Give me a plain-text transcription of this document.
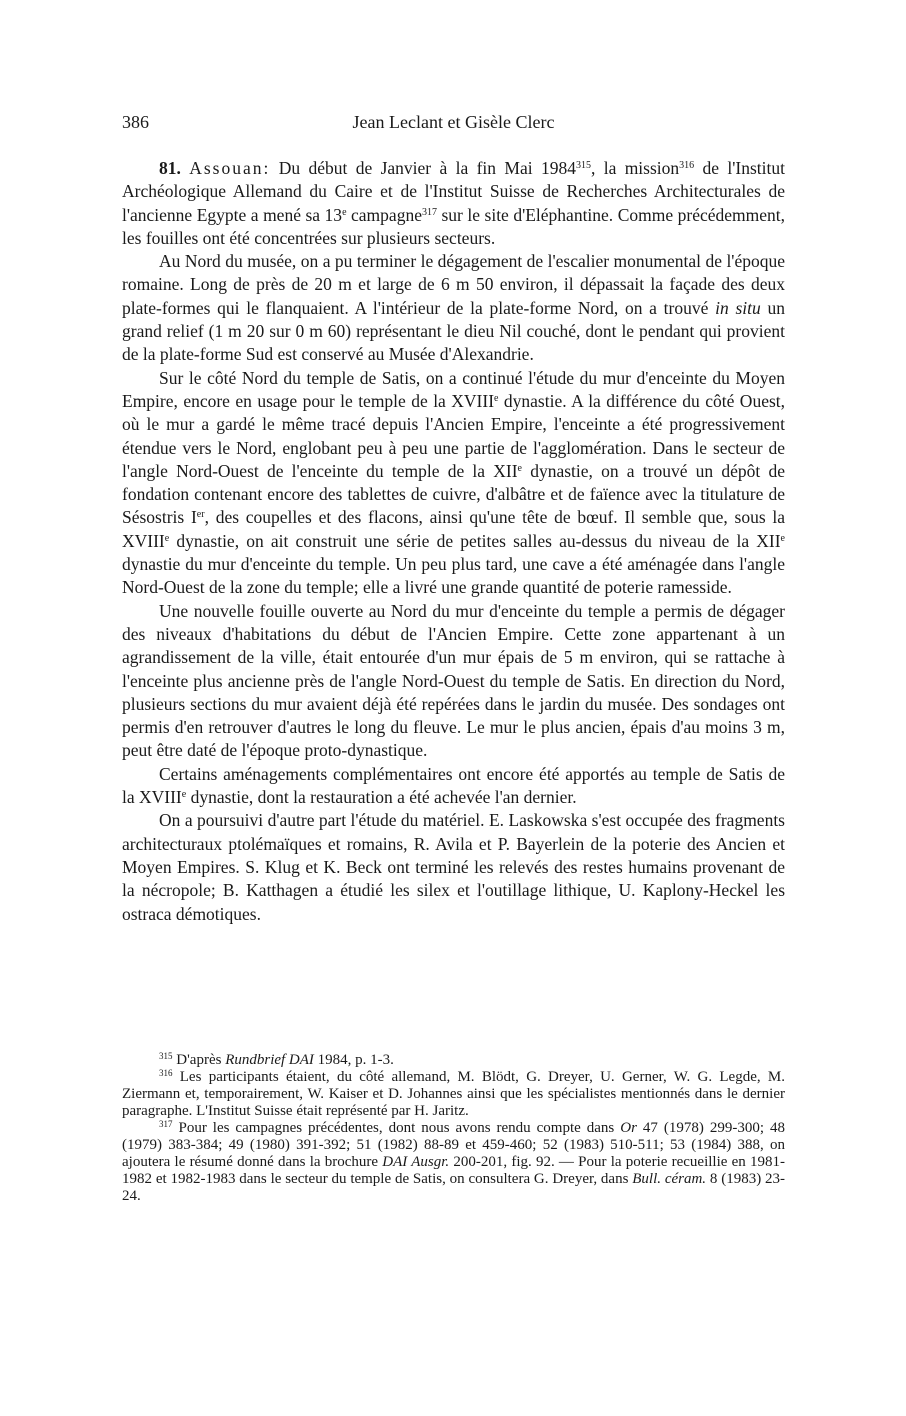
386	Jean Leclant et Gisèle Clerc

81. Assouan: Du début de Janvier à la fin Mai 1984$^{315}$, la mission$^{316}$ de l'Institut Archéologique Allemand du Caire et de l'Institut Suisse de Recherches Architecturales de l'ancienne Egypte a mené sa 13e campagne$^{317}$ sur le site d'Eléphantine. Comme précédemment, les fouilles ont été concentrées sur plusieurs secteurs.

Au Nord du musée, on a pu terminer le dégagement de l'escalier monumental de l'époque romaine. Long de près de 20 m et large de 6 m 50 environ, il dépassait la façade des deux plate-formes qui le flanquaient. A l'intérieur de la plate-forme Nord, on a trouvé in situ un grand relief (1 m 20 sur 0 m 60) représentant le dieu Nil couché, dont le pendant qui provient de la plate-forme Sud est conservé au Musée d'Alexandrie.

Sur le côté Nord du temple de Satis, on a continué l'étude du mur d'enceinte du Moyen Empire, encore en usage pour le temple de la XVIIIe dynastie. A la différence du côté Ouest, où le mur a gardé le même tracé depuis l'Ancien Empire, l'enceinte a été progressivement étendue vers le Nord, englobant peu à peu une partie de l'agglomération. Dans le secteur de l'angle Nord-Ouest de l'enceinte du temple de la XIIe dynastie, on a trouvé un dépôt de fondation contenant encore des tablettes de cuivre, d'albâtre et de faïence avec la titulature de Sésostris Ier, des coupelles et des flacons, ainsi qu'une tête de bœuf. Il semble que, sous la XVIIIe dynastie, on ait construit une série de petites salles au-dessus du niveau de la XIIe dynastie du mur d'enceinte du temple. Un peu plus tard, une cave a été aménagée dans l'angle Nord-Ouest de la zone du temple; elle a livré une grande quantité de poterie ramesside.

Une nouvelle fouille ouverte au Nord du mur d'enceinte du temple a permis de dégager des niveaux d'habitations du début de l'Ancien Empire. Cette zone appartenant à un agrandissement de la ville, était entourée d'un mur épais de 5 m environ, qui se rattache à l'enceinte plus ancienne près de l'angle Nord-Ouest du temple de Satis. En direction du Nord, plusieurs sections du mur avaient déjà été repérées dans le jardin du musée. Des sondages ont permis d'en retrouver d'autres le long du fleuve. Le mur le plus ancien, épais d'au moins 3 m, peut être daté de l'époque proto-dynastique.

Certains aménagements complémentaires ont encore été apportés au temple de Satis de la XVIIIe dynastie, dont la restauration a été achevée l'an dernier.

On a poursuivi d'autre part l'étude du matériel. E. Laskowska s'est occupée des fragments architecturaux ptolémaïques et romains, R. Avila et P. Bayerlein de la poterie des Ancien et Moyen Empires. S. Klug et K. Beck ont terminé les relevés des restes humains provenant de la nécropole; B. Katthagen a étudié les silex et l'outillage lithique, U. Kaplony-Heckel les ostraca démotiques.

$^{315}$ D'après Rundbrief DAI 1984, p. 1-3.

$^{316}$ Les participants étaient, du côté allemand, M. Blödt, G. Dreyer, U. Gerner, W. G. Legde, M. Ziermann et, temporairement, W. Kaiser et D. Johannes ainsi que les spécialistes mentionnés dans le dernier paragraphe. L'Institut Suisse était représenté par H. Jaritz.

$^{317}$ Pour les campagnes précédentes, dont nous avons rendu compte dans Or 47 (1978) 299-300; 48 (1979) 383-384; 49 (1980) 391-392; 51 (1982) 88-89 et 459-460; 52 (1983) 510-511; 53 (1984) 388, on ajoutera le résumé donné dans la brochure DAI Ausgr. 200-201, fig. 92. — Pour la poterie recueillie en 1981-1982 et 1982-1983 dans le secteur du temple de Satis, on consultera G. Dreyer, dans Bull. céram. 8 (1983) 23-24.
